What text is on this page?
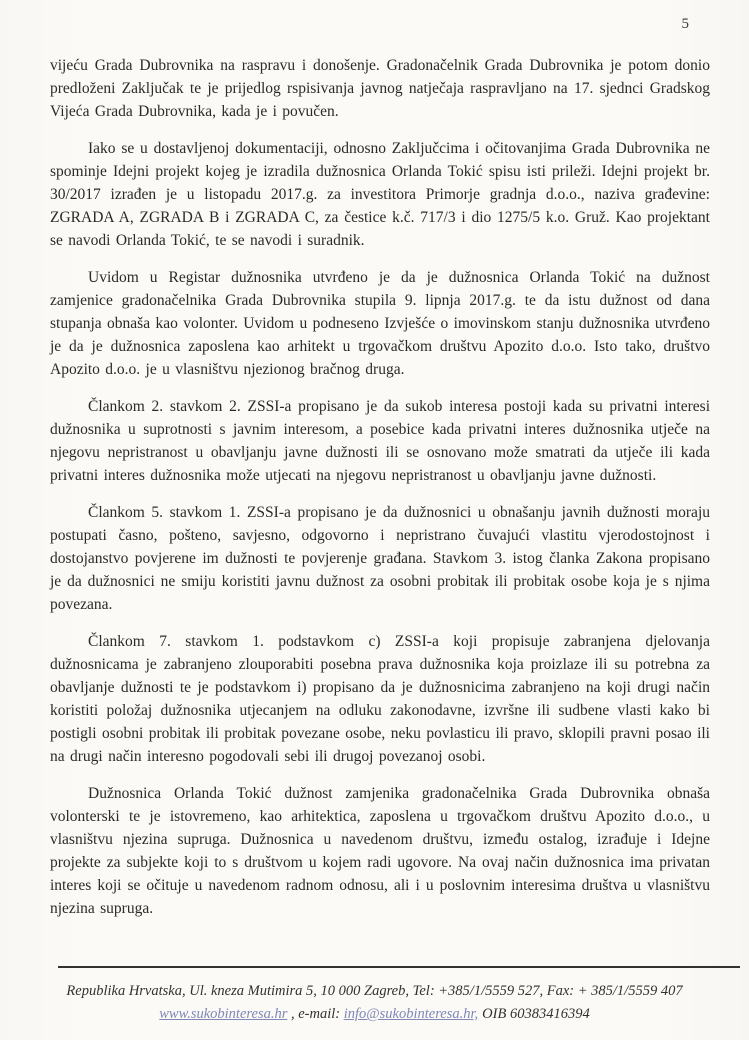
5

vijeću Grada Dubrovnika na raspravu i donošenje. Gradonačelnik Grada Dubrovnika je potom donio predloženi Zaključak te je prijedlog rspisivanja javnog natječaja raspravljano na 17. sjednci Gradskog Vijeća Grada Dubrovnika, kada je i povučen.

Iako se u dostavljenoj dokumentaciji, odnosno Zaključcima i očitovanjima Grada Dubrovnika ne spominje Idejni projekt kojeg je izradila dužnosnica Orlanda Tokić spisu isti prileži. Idejni projekt br. 30/2017 izrađen je u listopadu 2017.g. za investitora Primorje gradnja d.o.o., naziva građevine: ZGRADA A, ZGRADA B i ZGRADA C, za čestice k.č. 717/3 i dio 1275/5 k.o. Gruž. Kao projektant se navodi Orlanda Tokić, te se navodi i suradnik.

Uvidom u Registar dužnosnika utvrđeno je da je dužnosnica Orlanda Tokić na dužnost zamjenice gradonačelnika Grada Dubrovnika stupila 9. lipnja 2017.g. te da istu dužnost od dana stupanja obnaša kao volonter. Uvidom u podneseno Izvješće o imovinskom stanju dužnosnika utvrđeno je da je dužnosnica zaposlena kao arhitekt u trgovačkom društvu Apozito d.o.o. Isto tako, društvo Apozito d.o.o. je u vlasništvu njezionog bračnog druga.

Člankom 2. stavkom 2. ZSSI-a propisano je da sukob interesa postoji kada su privatni interesi dužnosnika u suprotnosti s javnim interesom, a posebice kada privatni interes dužnosnika utječe na njegovu nepristranost u obavljanju javne dužnosti ili se osnovano može smatrati da utječe ili kada privatni interes dužnosnika može utjecati na njegovu nepristranost u obavljanju javne dužnosti.

Člankom 5. stavkom 1. ZSSI-a propisano je da dužnosnici u obnašanju javnih dužnosti moraju postupati časno, pošteno, savjesno, odgovorno i nepristrano čuvajući vlastitu vjerodostojnost i dostojanstvo povjerene im dužnosti te povjerenje građana. Stavkom 3. istog članka Zakona propisano je da dužnosnici ne smiju koristiti javnu dužnost za osobni probitak ili probitak osobe koja je s njima povezana.

Člankom 7. stavkom 1. podstavkom c) ZSSI-a koji propisuje zabranjena djelovanja dužnosnicama je zabranjeno zlouporabiti posebna prava dužnosnika koja proizlaze ili su potrebna za obavljanje dužnosti te je podstavkom i) propisano da je dužnosnicima zabranjeno na koji drugi način koristiti položaj dužnosnika utjecanjem na odluku zakonodavne, izvršne ili sudbene vlasti kako bi postigli osobni probitak ili probitak povezane osobe, neku povlasticu ili pravo, sklopili pravni posao ili na drugi način interesno pogodovali sebi ili drugoj povezanoj osobi.

Dužnosnica Orlanda Tokić dužnost zamjenika gradonačelnika Grada Dubrovnika obnaša volonterski te je istovremeno, kao arhitektica, zaposlena u trgovačkom društvu Apozito d.o.o., u vlasništvu njezina supruga. Dužnosnica u navedenom društvu, između ostalog, izrađuje i Idejne projekte za subjekte koji to s društvom u kojem radi ugovore. Na ovaj način dužnosnica ima privatan interes koji se očituje u navedenom radnom odnosu, ali i u poslovnim interesima društva u vlasništvu njezina supruga.

Republika Hrvatska, Ul. kneza Mutimira 5, 10 000 Zagreb, Tel: +385/1/5559 527, Fax: + 385/1/5559 407
www.sukobinteresa.hr , e-mail: info@sukobinteresa.hr, OIB 60383416394
